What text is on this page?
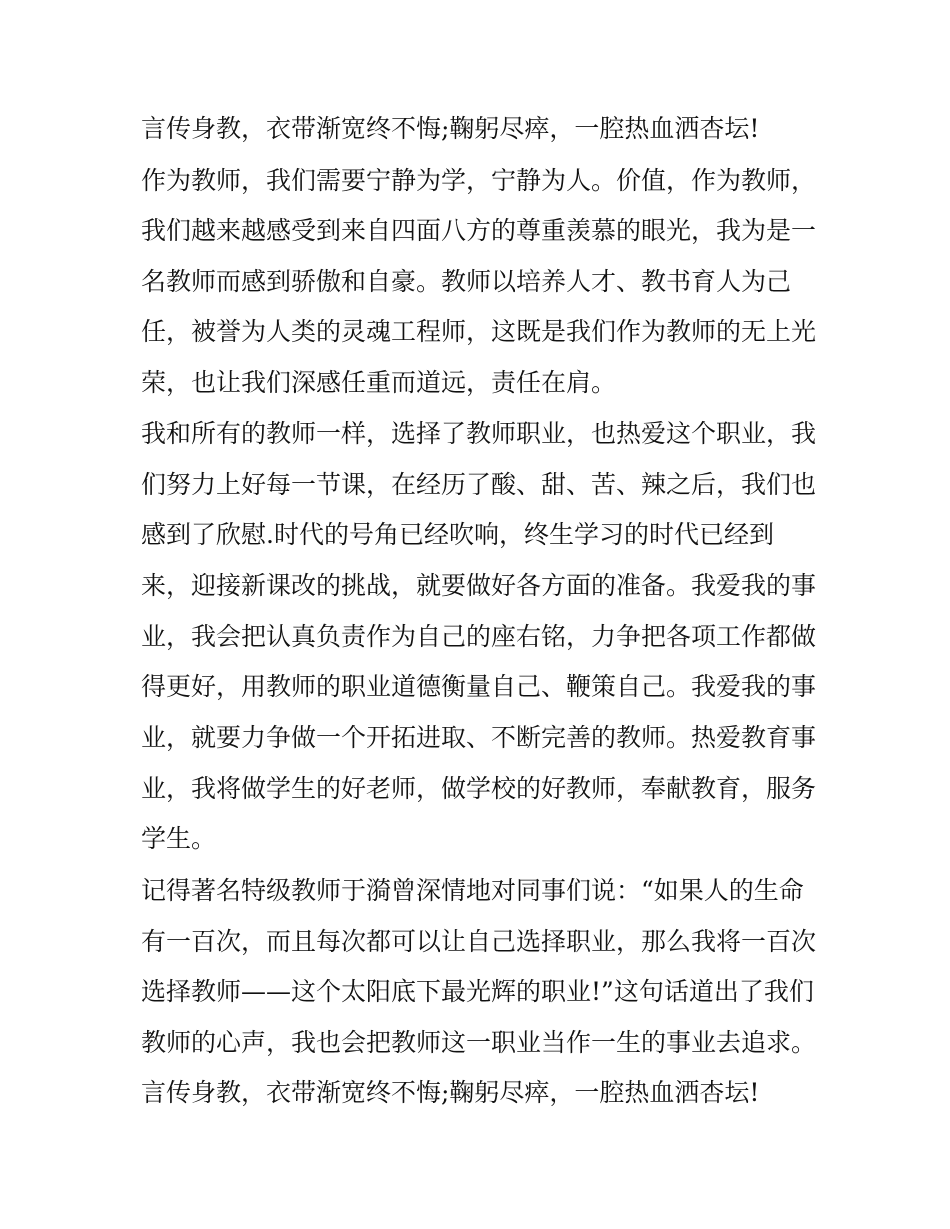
言传身教，衣带渐宽终不悔;鞠躬尽瘁，一腔热血洒杏坛!
作为教师，我们需要宁静为学，宁静为人。价值，作为教师，
我们越来越感受到来自四面八方的尊重羡慕的眼光，我为是一
名教师而感到骄傲和自豪。教师以培养人才、教书育人为己
任，被誉为人类的灵魂工程师，这既是我们作为教师的无上光
荣，也让我们深感任重而道远，责任在肩。
我和所有的教师一样，选择了教师职业，也热爱这个职业，我
们努力上好每一节课，在经历了酸、甜、苦、辣之后，我们也
感到了欣慰.时代的号角已经吹响，终生学习的时代已经到
来，迎接新课改的挑战，就要做好各方面的准备。我爱我的事
业，我会把认真负责作为自己的座右铭，力争把各项工作都做
得更好，用教师的职业道德衡量自己、鞭策自己。我爱我的事
业，就要力争做一个开拓进取、不断完善的教师。热爱教育事
业，我将做学生的好老师，做学校的好教师，奉献教育，服务
学生。
记得著名特级教师于漪曾深情地对同事们说：“如果人的生命
有一百次，而且每次都可以让自己选择职业，那么我将一百次
选择教师——这个太阳底下最光辉的职业!”这句话道出了我们
教师的心声，我也会把教师这一职业当作一生的事业去追求。
言传身教，衣带渐宽终不悔;鞠躬尽瘁，一腔热血洒杏坛!
